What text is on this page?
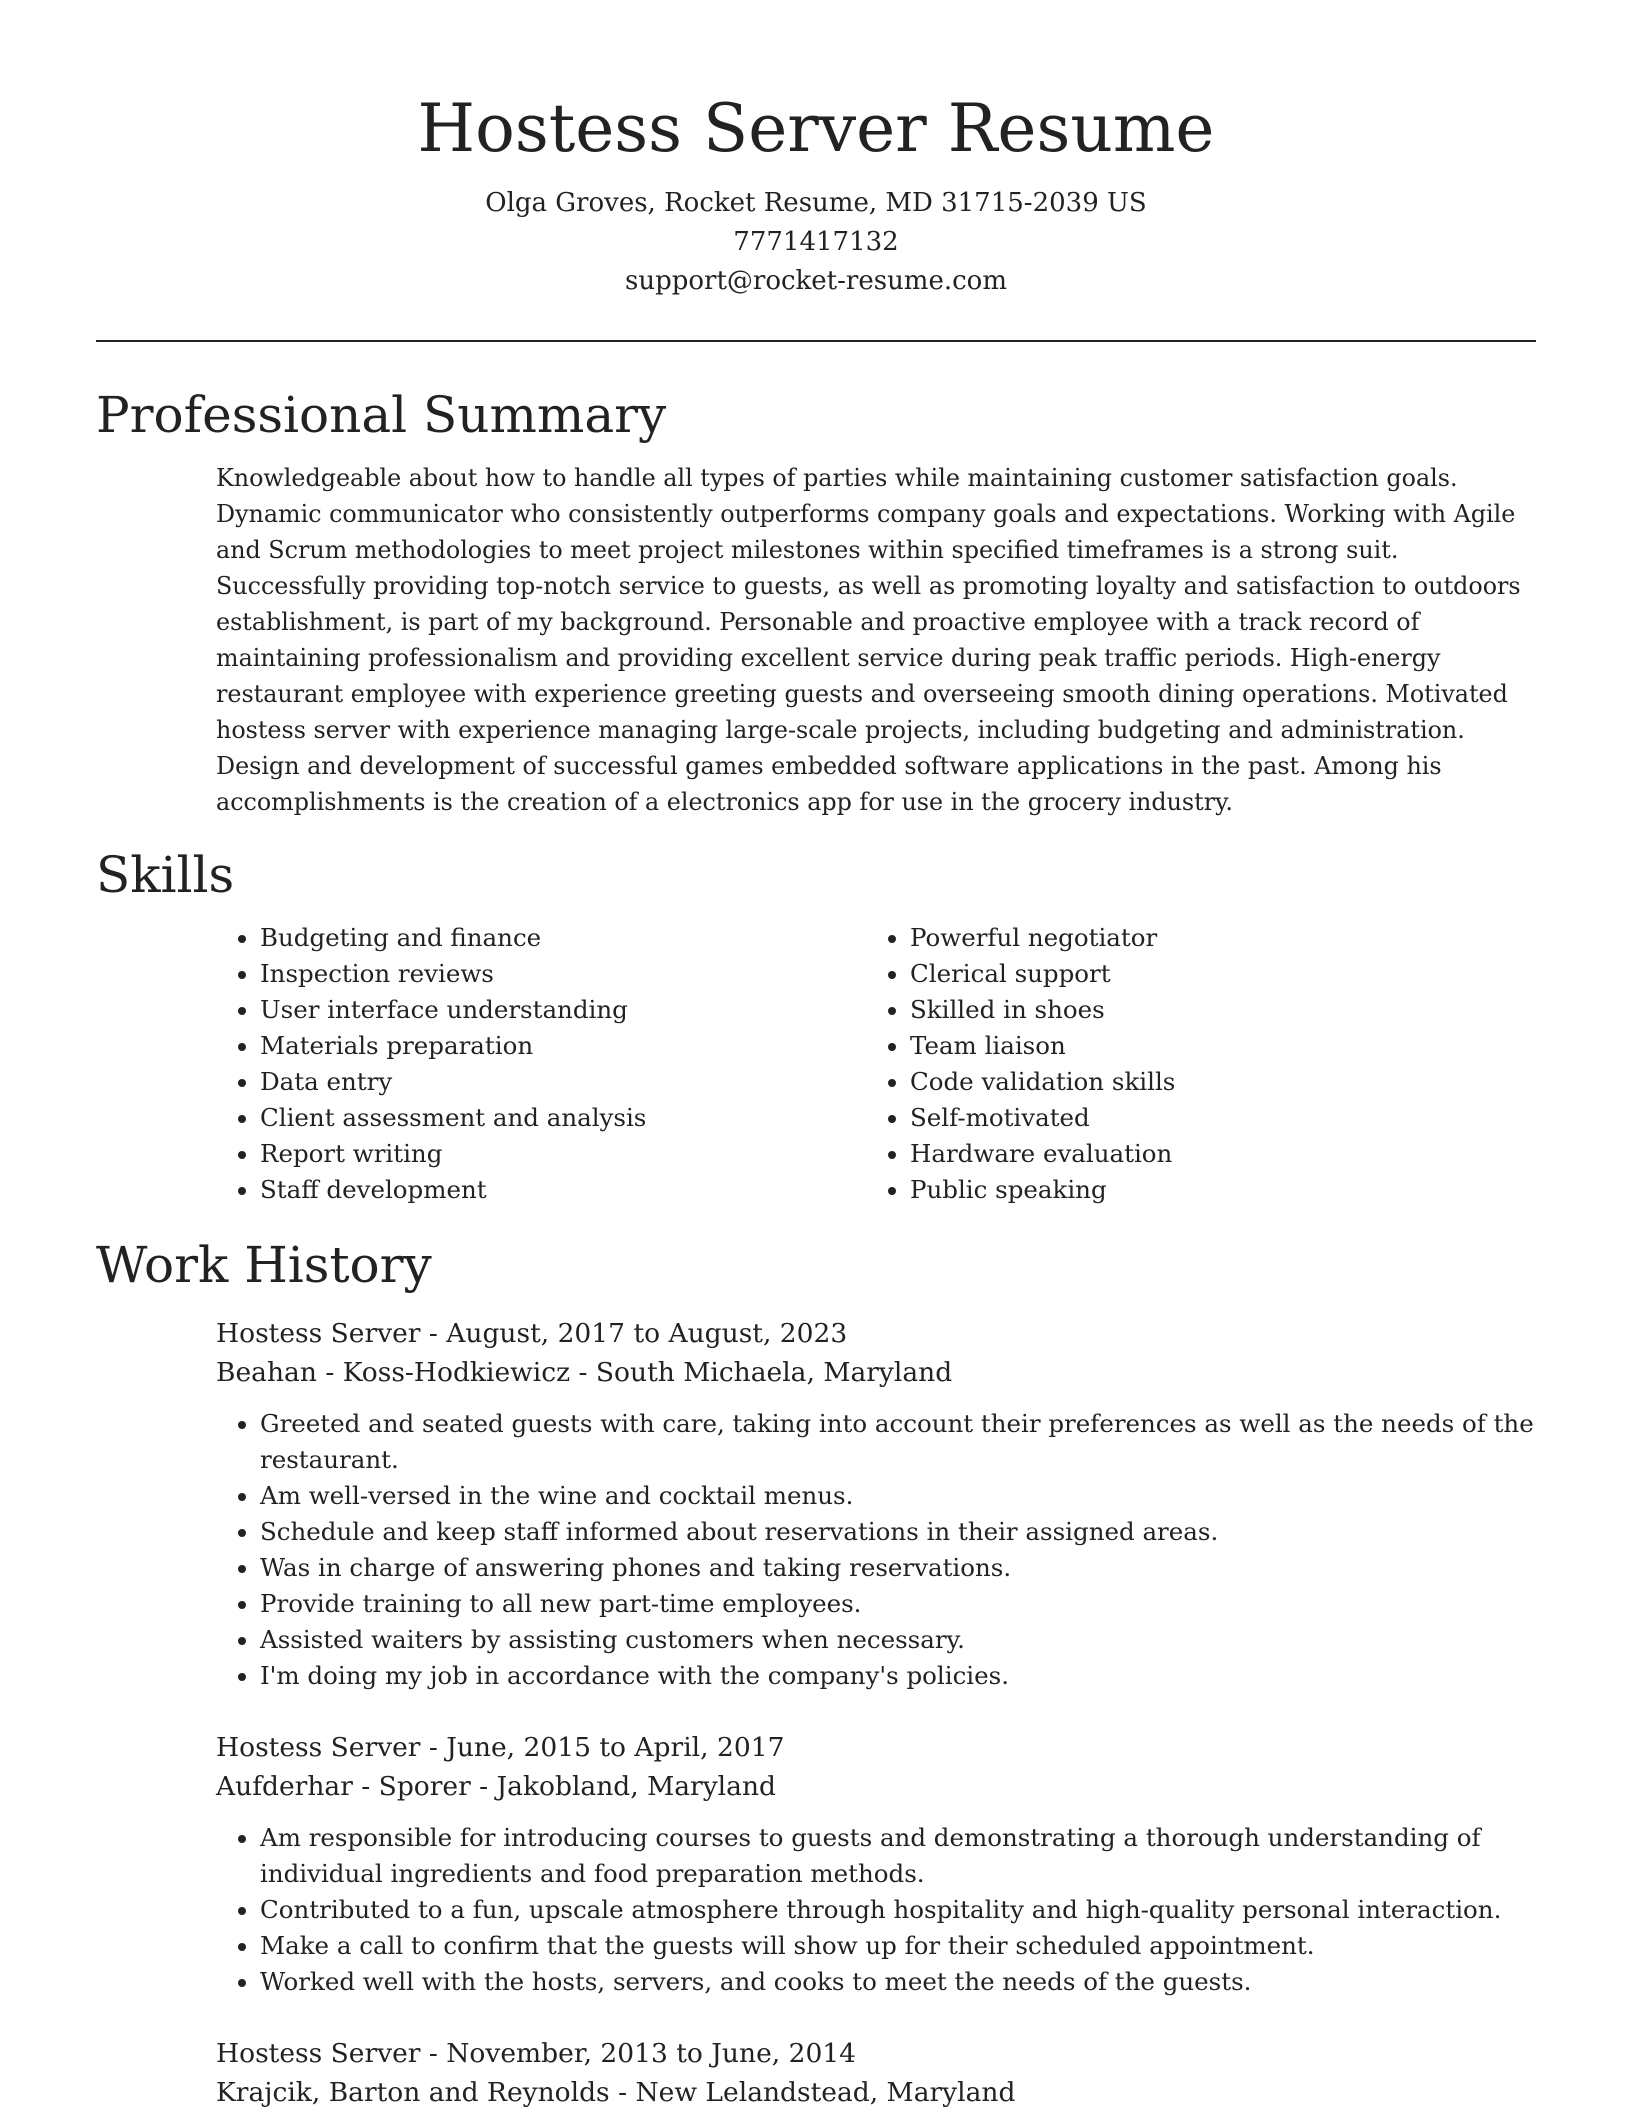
Hostess Server Resume
Olga Groves, Rocket Resume, MD 31715-2039 US
7771417132
support@rocket-resume.com
Professional Summary

Knowledgeable about how to handle all types of parties while maintaining customer satisfaction goals. Dynamic communicator who consistently outperforms company goals and expectations. Working with Agile and Scrum methodologies to meet project milestones within specified timeframes is a strong suit. Successfully providing top-notch service to guests, as well as promoting loyalty and satisfaction to outdoors establishment, is part of my background. Personable and proactive employee with a track record of maintaining professionalism and providing excellent service during peak traffic periods. High-energy restaurant employee with experience greeting guests and overseeing smooth dining operations. Motivated hostess server with experience managing large-scale projects, including budgeting and administration. Design and development of successful games embedded software applications in the past. Among his accomplishments is the creation of a electronics app for use in the grocery industry.

Skills
• Budgeting and finance
• Inspection reviews
• User interface understanding
• Materials preparation
• Data entry
• Client assessment and analysis
• Report writing
• Staff development
• Powerful negotiator
• Clerical support
• Skilled in shoes
• Team liaison
• Code validation skills
• Self-motivated
• Hardware evaluation
• Public speaking
Work History
Hostess Server - August, 2017 to August, 2023
Beahan - Koss-Hodkiewicz - South Michaela, Maryland
• Greeted and seated guests with care, taking into account their preferences as well as the needs of the restaurant.
• Am well-versed in the wine and cocktail menus.
• Schedule and keep staff informed about reservations in their assigned areas.
• Was in charge of answering phones and taking reservations.
• Provide training to all new part-time employees.
• Assisted waiters by assisting customers when necessary.
• I'm doing my job in accordance with the company's policies.
Hostess Server - June, 2015 to April, 2017
Aufderhar - Sporer - Jakobland, Maryland
• Am responsible for introducing courses to guests and demonstrating a thorough understanding of individual ingredients and food preparation methods.
• Contributed to a fun, upscale atmosphere through hospitality and high-quality personal interaction.
• Make a call to confirm that the guests will show up for their scheduled appointment.
• Worked well with the hosts, servers, and cooks to meet the needs of the guests.
Hostess Server - November, 2013 to June, 2014
Krajcik, Barton and Reynolds - New Lelandstead, Maryland
